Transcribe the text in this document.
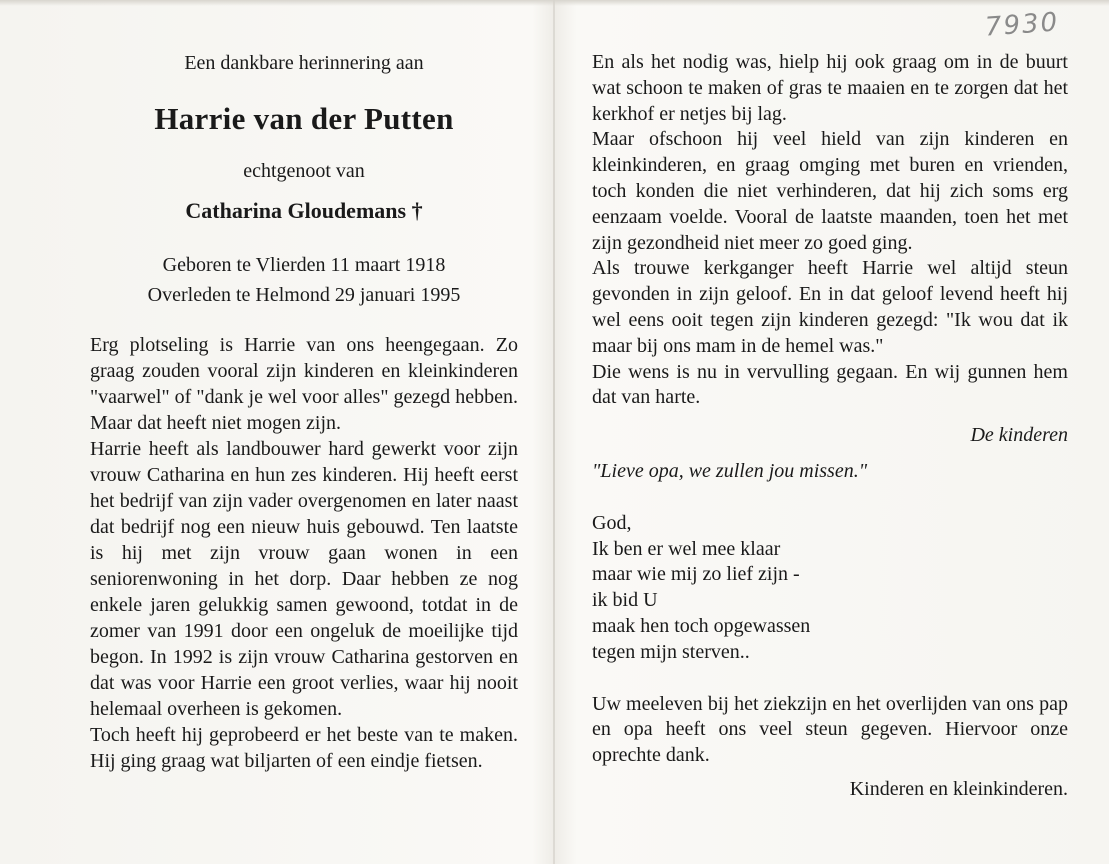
7930

Een dankbare herinnering aan

Harrie van der Putten

echtgenoot van

Catharina Gloudemans †

Geboren te Vlierden 11 maart 1918
Overleden te Helmond 29 januari 1995

Erg plotseling is Harrie van ons heengegaan. Zo graag zouden vooral zijn kinderen en kleinkinderen "vaarwel" of "dank je wel voor alles" gezegd hebben. Maar dat heeft niet mogen zijn.

Harrie heeft als landbouwer hard gewerkt voor zijn vrouw Catharina en hun zes kinderen. Hij heeft eerst het bedrijf van zijn vader overgenomen en later naast dat bedrijf nog een nieuw huis gebouwd. Ten laatste is hij met zijn vrouw gaan wonen in een seniorenwoning in het dorp. Daar hebben ze nog enkele jaren gelukkig samen gewoond, totdat in de zomer van 1991 door een ongeluk de moeilijke tijd begon. In 1992 is zijn vrouw Catharina gestorven en dat was voor Harrie een groot verlies, waar hij nooit helemaal overheen is gekomen.

Toch heeft hij geprobeerd er het beste van te maken. Hij ging graag wat biljarten of een eindje fietsen.

En als het nodig was, hielp hij ook graag om in de buurt wat schoon te maken of gras te maaien en te zorgen dat het kerkhof er netjes bij lag.

Maar ofschoon hij veel hield van zijn kinderen en kleinkinderen, en graag omging met buren en vrienden, toch konden die niet verhinderen, dat hij zich soms erg eenzaam voelde. Vooral de laatste maanden, toen het met zijn gezondheid niet meer zo goed ging.

Als trouwe kerkganger heeft Harrie wel altijd steun gevonden in zijn geloof. En in dat geloof levend heeft hij wel eens ooit tegen zijn kinderen gezegd: "Ik wou dat ik maar bij ons mam in de hemel was."

Die wens is nu in vervulling gegaan. En wij gunnen hem dat van harte.

De kinderen

"Lieve opa, we zullen jou missen."

God,
Ik ben er wel mee klaar
maar wie mij zo lief zijn -
ik bid U
maak hen toch opgewassen
tegen mijn sterven..

Uw meeleven bij het ziekzijn en het overlijden van ons pap en opa heeft ons veel steun gegeven. Hiervoor onze oprechte dank.

Kinderen en kleinkinderen.
